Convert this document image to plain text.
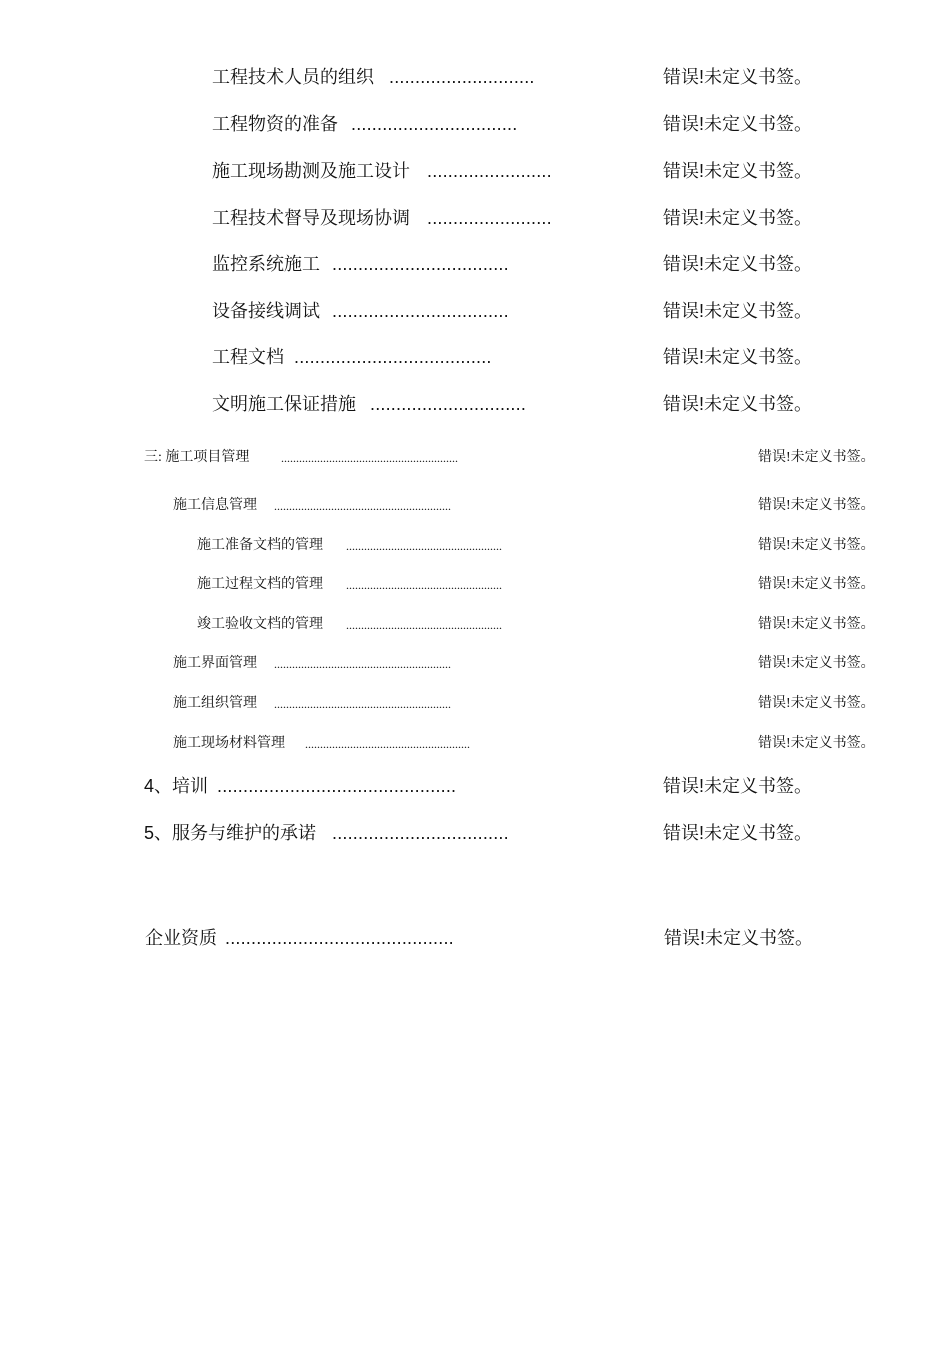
工程技术人员的组织 ............................	错误!未定义书签。
工程物资的准备 ................................	错误!未定义书签。
施工现场勘测及施工设计 ........................	错误!未定义书签。
工程技术督导及现场协调 ........................	错误!未定义书签。
监控系统施工 ..................................	错误!未定义书签。
设备接线调试 ..................................	错误!未定义书签。
工程文档 ......................................	错误!未定义书签。
文明施工保证措施 ..............................	错误!未定义书签。
三: 施工项目管理	...........................................................	错误!未定义书签。
施工信息管理 ...........................................................	错误!未定义书签。
施工准备文档的管理 ....................................................	错误!未定义书签。
施工过程文档的管理 ....................................................	错误!未定义书签。
竣工验收文档的管理 ....................................................	错误!未定义书签。
施工界面管理 ...........................................................	错误!未定义书签。
施工组织管理 ...........................................................	错误!未定义书签。
施工现场材料管理 .......................................................	错误!未定义书签。
4、培训 ..............................................	错误!未定义书签。
5、服务与维护的承诺 ..................................	错误!未定义书签。
企业资质 ............................................	错误!未定义书签。
